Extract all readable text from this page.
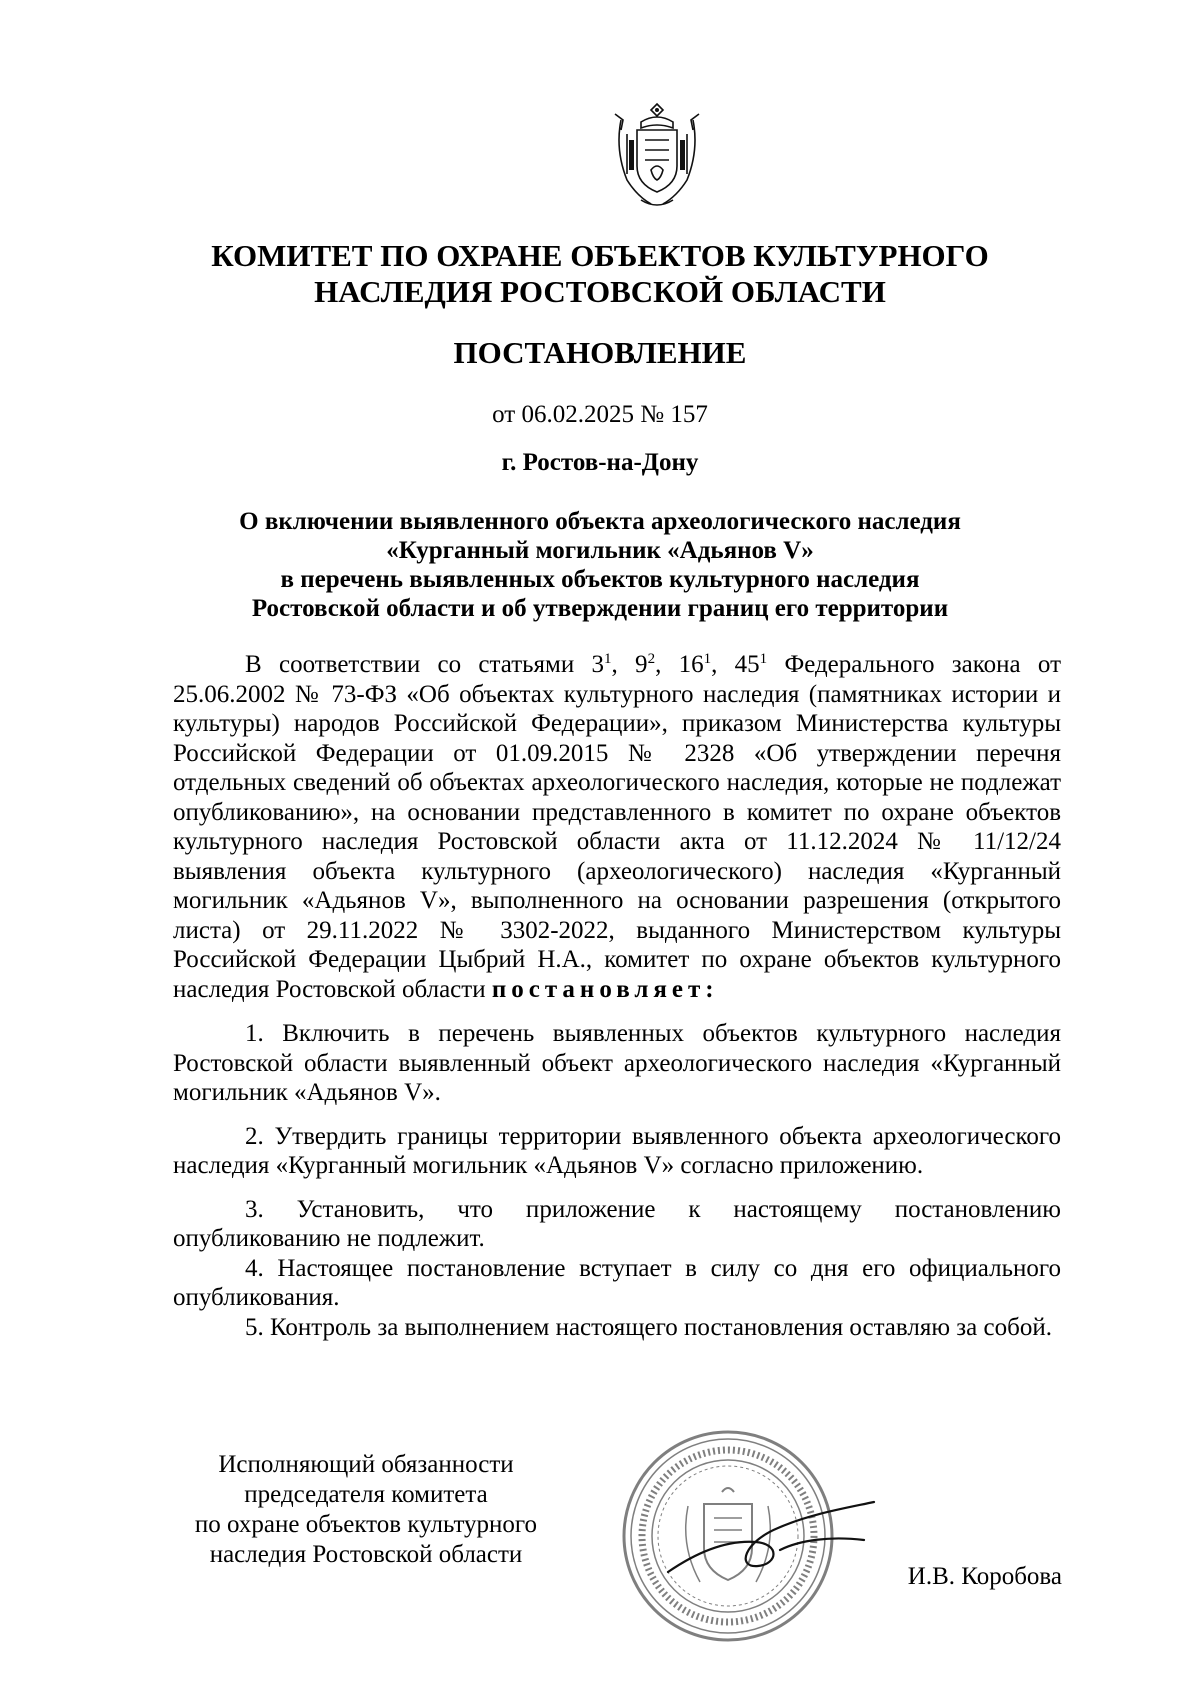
КОМИТЕТ ПО ОХРАНЕ ОБЪЕКТОВ КУЛЬТУРНОГО
НАСЛЕДИЯ РОСТОВСКОЙ ОБЛАСТИ
ПОСТАНОВЛЕНИЕ
от 06.02.2025 № 157
г. Ростов-на-Дону
О включении выявленного объекта археологического наследия
«Курганный могильник «Адьянов V»
в перечень выявленных объектов культурного наследия
Ростовской области и об утверждении границ его территории

В соответствии со статьями $3^1$, $9^2$, $16^1$, $45^1$ Федерального закона от 25.06.2002 № 73-ФЗ «Об объектах культурного наследия (памятниках истории и культуры) народов Российской Федерации», приказом Министерства культуры Российской Федерации от 01.09.2015 № 2328 «Об утверждении перечня отдельных сведений об объектах археологического наследия, которые не подлежат опубликованию», на основании представленного в комитет по охране объектов культурного наследия Ростовской области акта от 11.12.2024 № 11/12/24 выявления объекта культурного (археологического) наследия «Курганный могильник «Адьянов V», выполненного на основании разрешения (открытого листа) от 29.11.2022 № 3302-2022, выданного Министерством культуры Российской Федерации Цыбрий Н.А., комитет по охране объектов культурного наследия Ростовской области постановляет:

1. Включить в перечень выявленных объектов культурного наследия Ростовской области выявленный объект археологического наследия «Курганный могильник «Адьянов V».

2. Утвердить границы территории выявленного объекта археологического наследия «Курганный могильник «Адьянов V» согласно приложению.

3. Установить, что приложение к настоящему постановлению опубликованию не подлежит.

4. Настоящее постановление вступает в силу со дня его официального опубликования.

5. Контроль за выполнением настоящего постановления оставляю за собой.

Исполняющий обязанности
председателя комитета
по охране объектов культурного
наследия Ростовской области
И.В. Коробова
